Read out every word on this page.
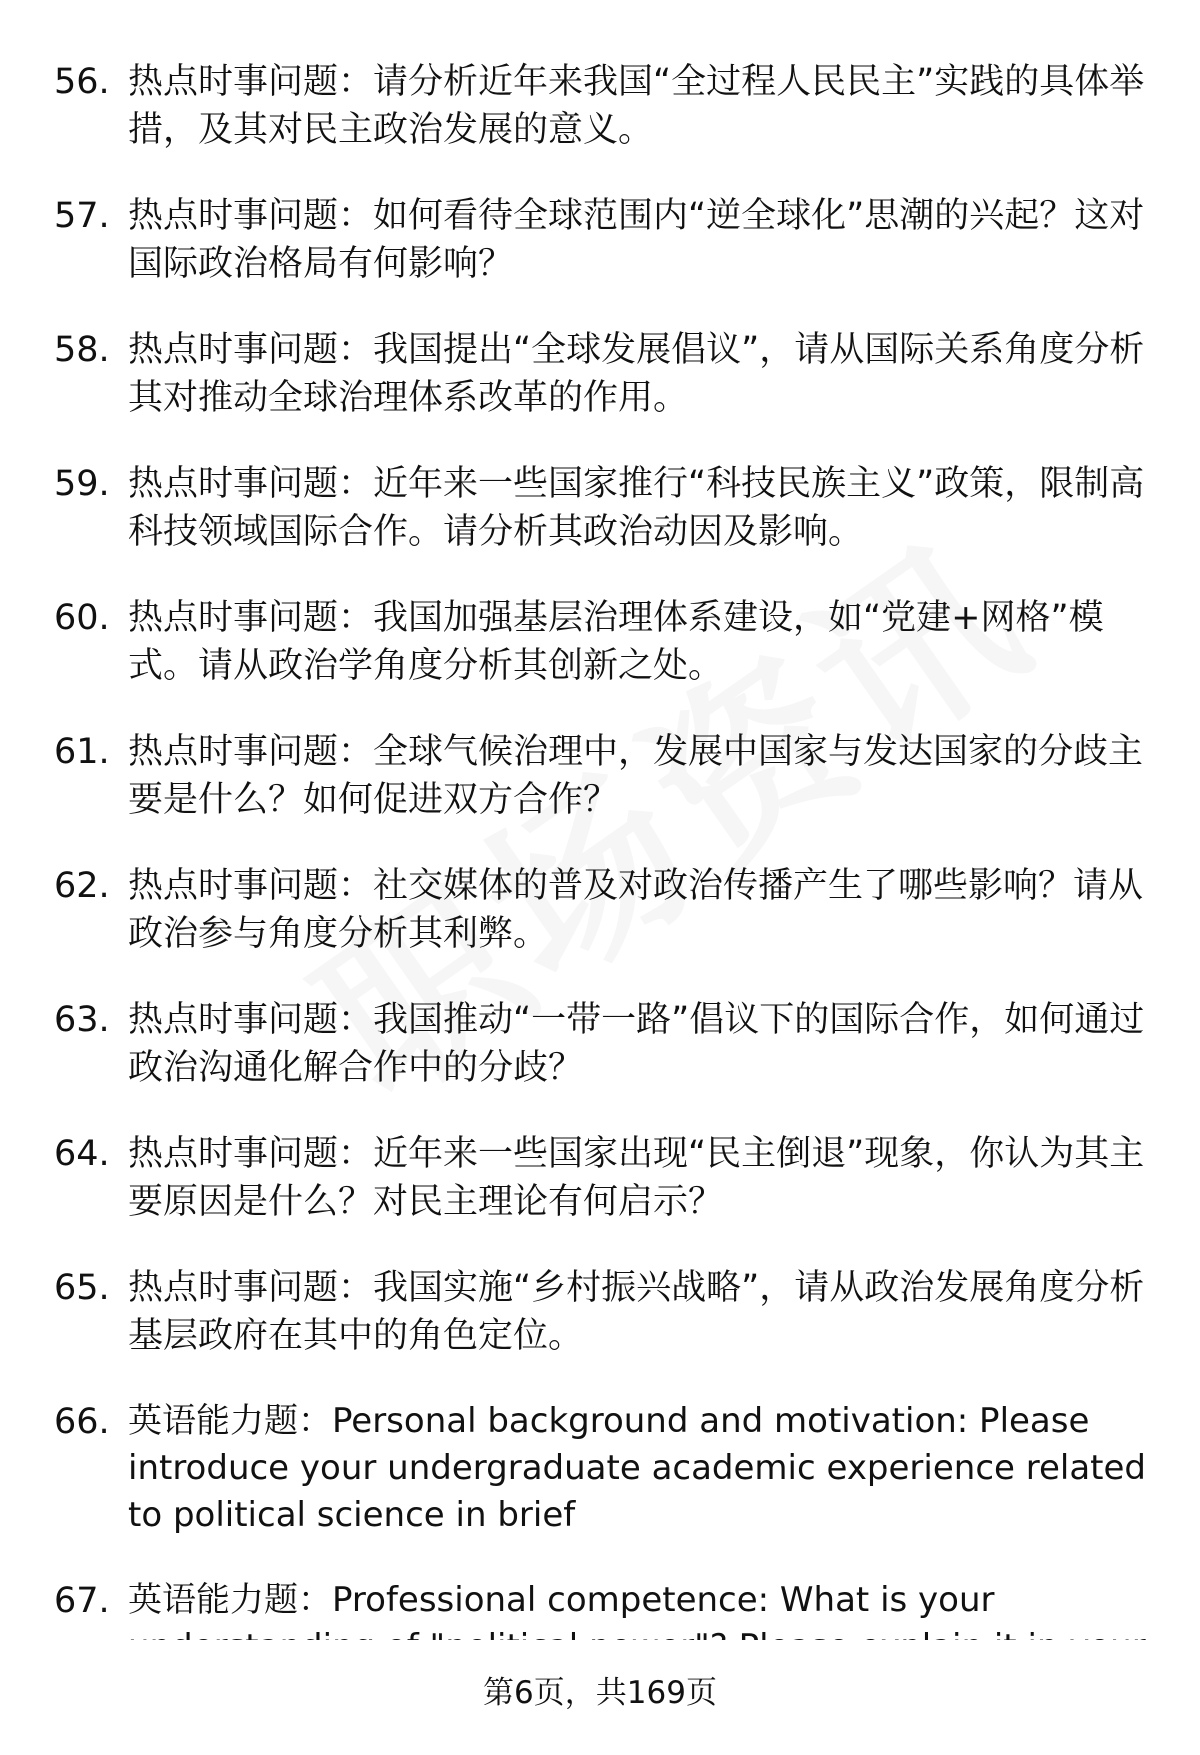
56. 热点时事问题：请分析近年来我国“全过程人民民主”实践的具体举措，及其对民主政治发展的意义。
57. 热点时事问题：如何看待全球范围内“逆全球化”思潮的兴起？这对国际政治格局有何影响？
58. 热点时事问题：我国提出“全球发展倡议”，请从国际关系角度分析其对推动全球治理体系改革的作用。
59. 热点时事问题：近年来一些国家推行“科技民族主义”政策，限制高科技领域国际合作。请分析其政治动因及影响。
60. 热点时事问题：我国加强基层治理体系建设，如“党建+网格”模式。请从政治学角度分析其创新之处。
61. 热点时事问题：全球气候治理中，发展中国家与发达国家的分歧主要是什么？如何促进双方合作？
62. 热点时事问题：社交媒体的普及对政治传播产生了哪些影响？请从政治参与角度分析其利弊。
63. 热点时事问题：我国推动“一带一路”倡议下的国际合作，如何通过政治沟通化解合作中的分歧？
64. 热点时事问题：近年来一些国家出现“民主倒退”现象，你认为其主要原因是什么？对民主理论有何启示？
65. 热点时事问题：我国实施“乡村振兴战略”，请从政治发展角度分析基层政府在其中的角色定位。
66. 英语能力题：Personal background and motivation: Please introduce your undergraduate academic experience related to political science in brief
67. 英语能力题：Professional competence: What is your
第6页，共169页
